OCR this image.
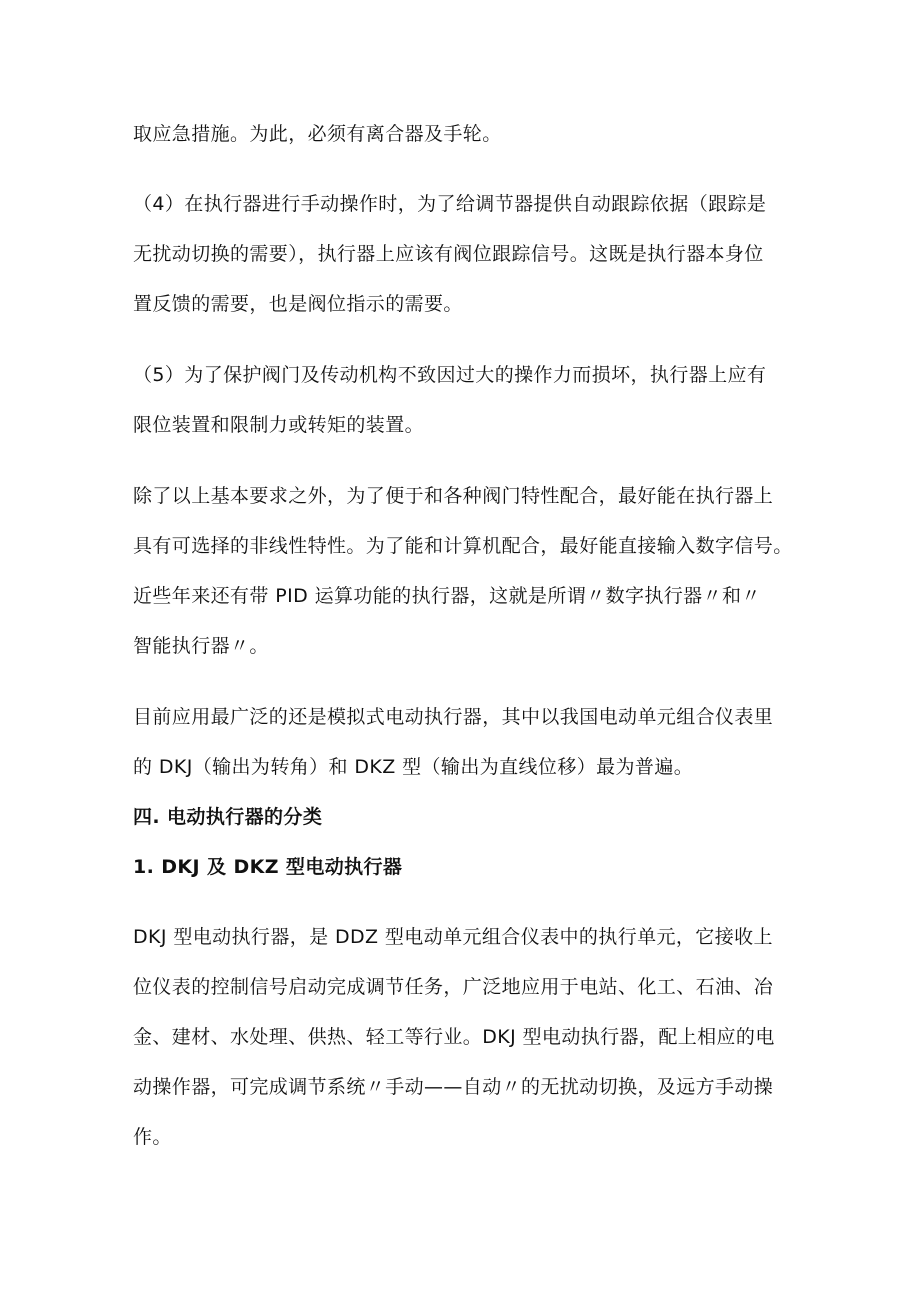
取应急措施。为此，必须有离合器及手轮。
（4）在执行器进行手动操作时，为了给调节器提供自动跟踪依据（跟踪是
无扰动切换的需要），执行器上应该有阀位跟踪信号。这既是执行器本身位
置反馈的需要，也是阀位指示的需要。
（5）为了保护阀门及传动机构不致因过大的操作力而损坏，执行器上应有
限位装置和限制力或转矩的装置。
除了以上基本要求之外，为了便于和各种阀门特性配合，最好能在执行器上
具有可选择的非线性特性。为了能和计算机配合，最好能直接输入数字信号。
近些年来还有带 PID 运算功能的执行器，这就是所谓〃数字执行器〃和〃
智能执行器〃。
目前应用最广泛的还是模拟式电动执行器，其中以我国电动单元组合仪表里
的 DKJ（输出为转角）和 DKZ 型（输出为直线位移）最为普遍。
四. 电动执行器的分类
1. DKJ 及 DKZ 型电动执行器
DKJ 型电动执行器，是 DDZ 型电动单元组合仪表中的执行单元，它接收上
位仪表的控制信号启动完成调节任务，广泛地应用于电站、化工、石油、冶
金、建材、水处理、供热、轻工等行业。DKJ 型电动执行器，配上相应的电
动操作器，可完成调节系统〃手动——自动〃的无扰动切换，及远方手动操
作。
